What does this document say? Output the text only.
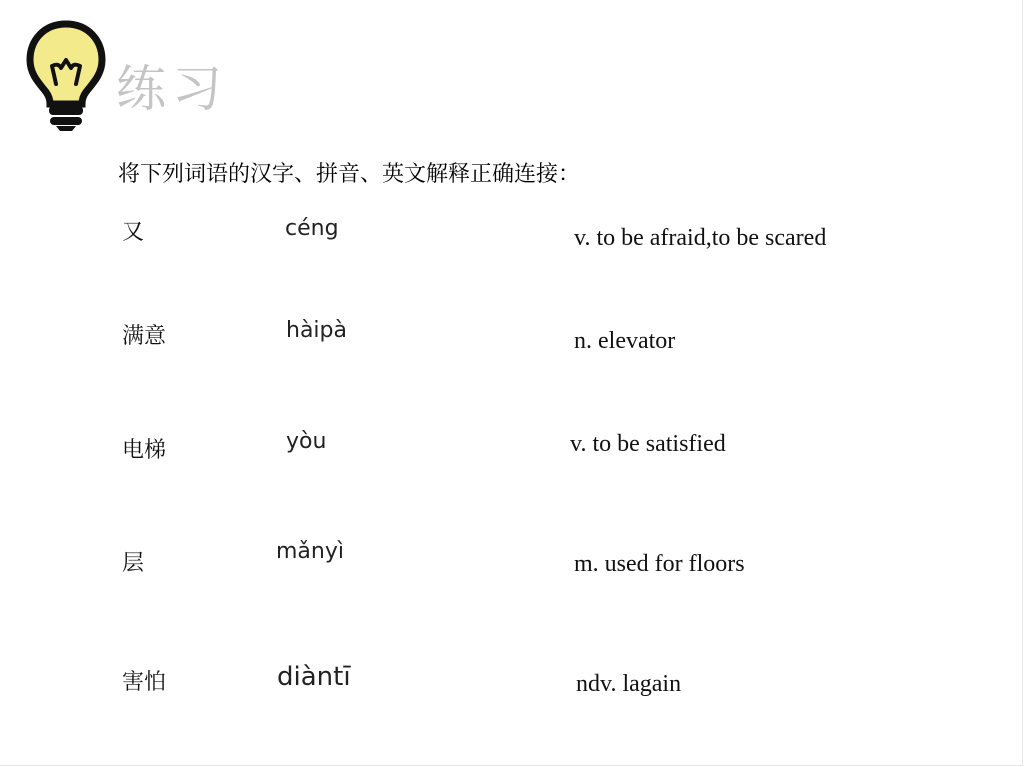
练习
将下列词语的汉字、拼音、英文解释正确连接：
又
满意
电梯
层
害怕
céng
hàipà
yòu
mǎnyì
diàntī
v. to be afraid,to be scared
n. elevator
v. to be satisfied
m. used for floors
ndv. lagain
